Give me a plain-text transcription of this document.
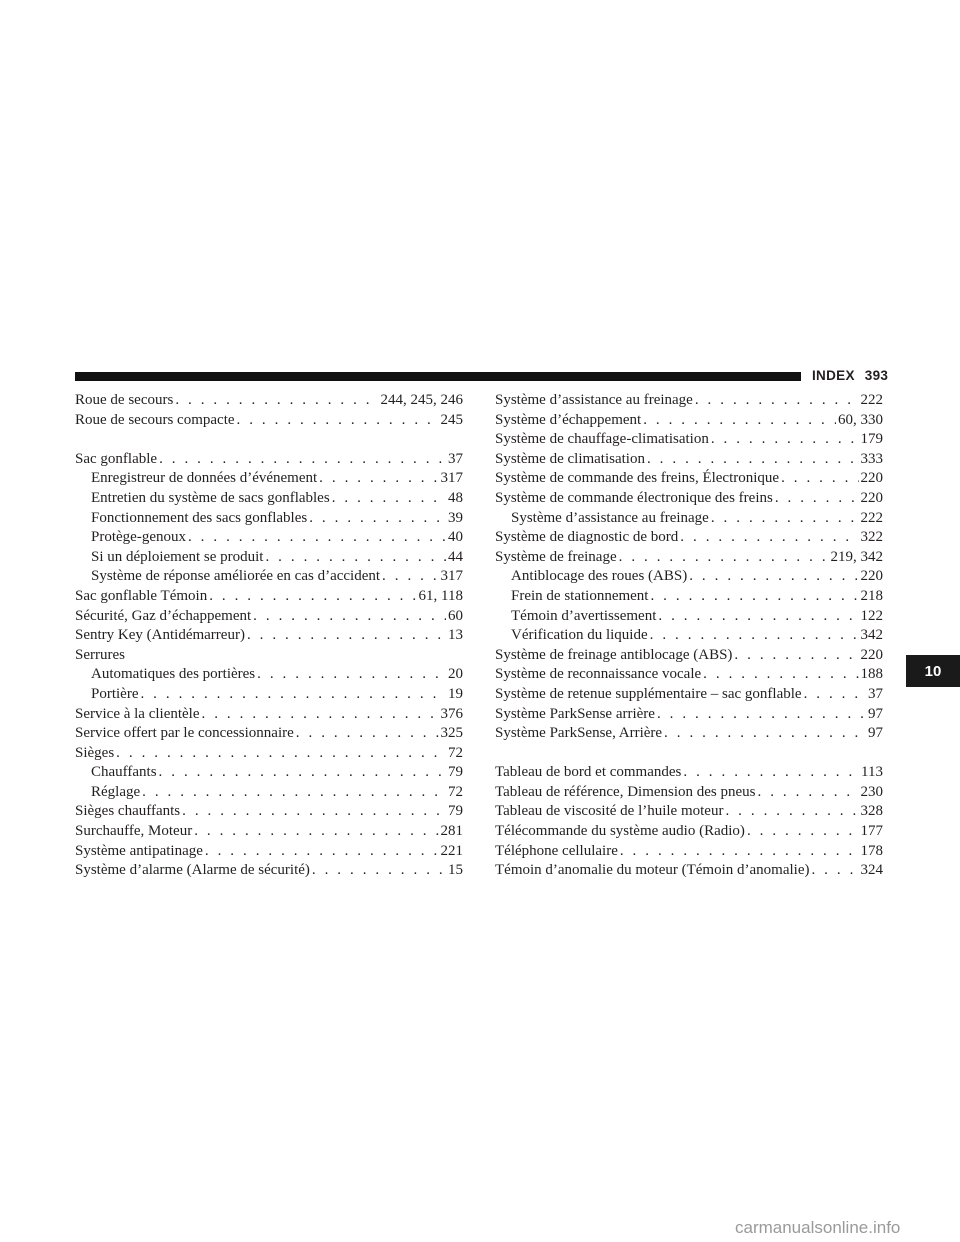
INDEX 393
Roue de secours . . .	244, 245, 246
Roue de secours compacte . . .	245
Sac gonflable . . .	37
Enregistreur de données d’événement . . .	317
Entretien du système de sacs gonflables . . .	48
Fonctionnement des sacs gonflables . . .	39
Protège-genoux . . .	40
Si un déploiement se produit . . .	44
Système de réponse améliorée en cas d’accident . . .	317
Sac gonflable Témoin . . .	61, 118
Sécurité, Gaz d’échappement . . .	60
Sentry Key (Antidémarreur) . . .	13
Serrures
Automatiques des portières . . .	20
Portière . . .	19
Service à la clientèle . . .	376
Service offert par le concessionnaire . . .	325
Sièges . . .	72
Chauffants . . .	79
Réglage . . .	72
Sièges chauffants . . .	79
Surchauffe, Moteur . . .	281
Système antipatinage . . .	221
Système d’alarme (Alarme de sécurité) . . .	15
Système d’assistance au freinage . . .	222
Système d’échappement . . .	60, 330
Système de chauffage-climatisation . . .	179
Système de climatisation . . .	333
Système de commande des freins, Électronique . . .	220
Système de commande électronique des freins . . .	220
Système d’assistance au freinage . . .	222
Système de diagnostic de bord . . .	322
Système de freinage . . .	219, 342
Antiblocage des roues (ABS) . . .	220
Frein de stationnement . . .	218
Témoin d’avertissement . . .	122
Vérification du liquide . . .	342
Système de freinage antiblocage (ABS) . . .	220
Système de reconnaissance vocale . . .	188
Système de retenue supplémentaire – sac gonflable . . .	37
Système ParkSense arrière . . .	97
Système ParkSense, Arrière . . .	97
Tableau de bord et commandes . . .	113
Tableau de référence, Dimension des pneus . . .	230
Tableau de viscosité de l’huile moteur . . .	328
Télécommande du système audio (Radio) . . .	177
Téléphone cellulaire . . .	178
Témoin d’anomalie du moteur (Témoin d’anomalie) . . .	324
10
carmanualsonline.info
